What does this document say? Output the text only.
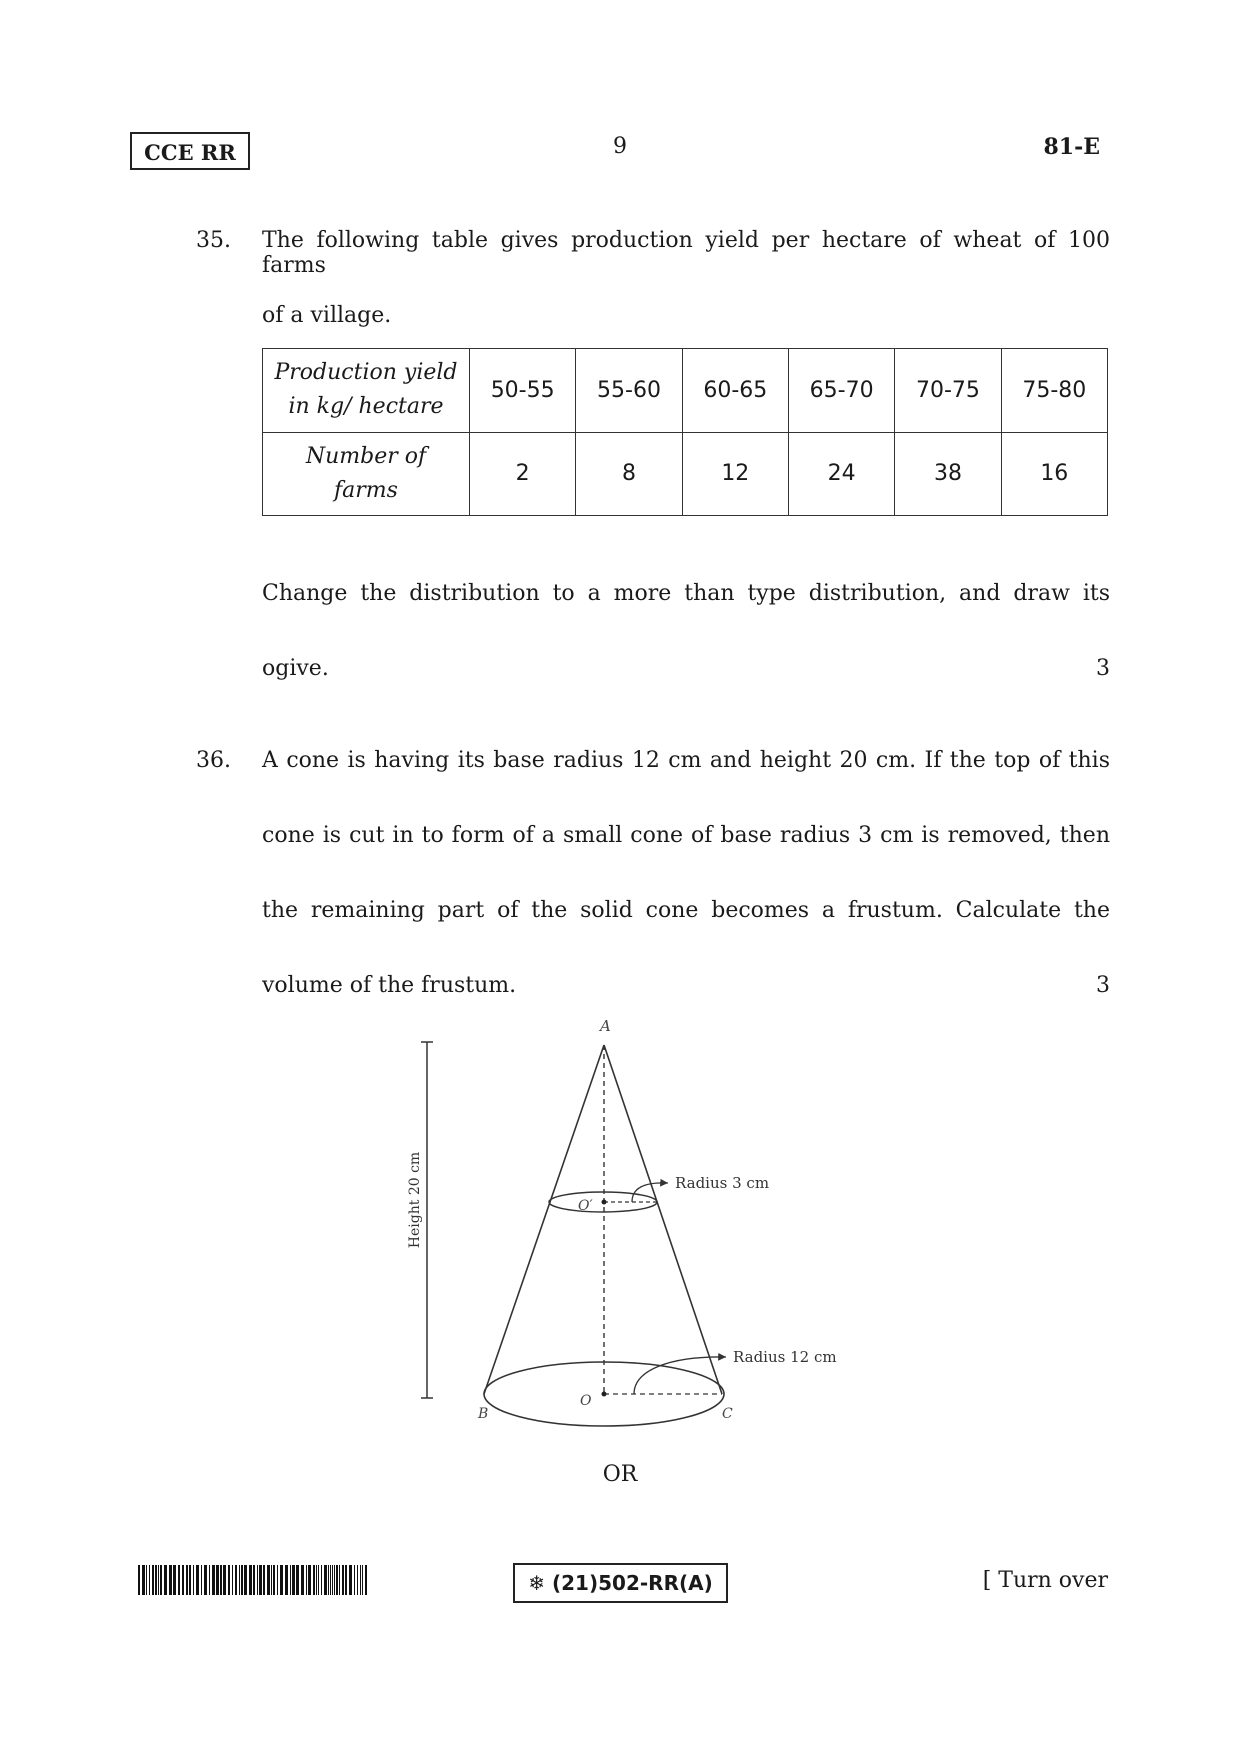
CCE RR	9	81-E
35. The following table gives production yield per hectare of wheat of 100 farms
of a village.
Production yield
in kg/ hectare	50-55	55-60	60-65	65-70	70-75	75-80
Number of
farms	2	8	12	24	38	16
Change the distribution to a more than type distribution, and draw its
ogive.	3
36. A cone is having its base radius 12 cm and height 20 cm. If the top of this
cone is cut in to form of a small cone of base radius 3 cm is removed, then
the remaining part of the solid cone becomes a frustum. Calculate the
volume of the frustum.	3
Height 20 cm
A
O′
O
B	C
Radius 3 cm
Radius 12 cm
OR
❄ (21)502-RR(A)	[ Turn over
